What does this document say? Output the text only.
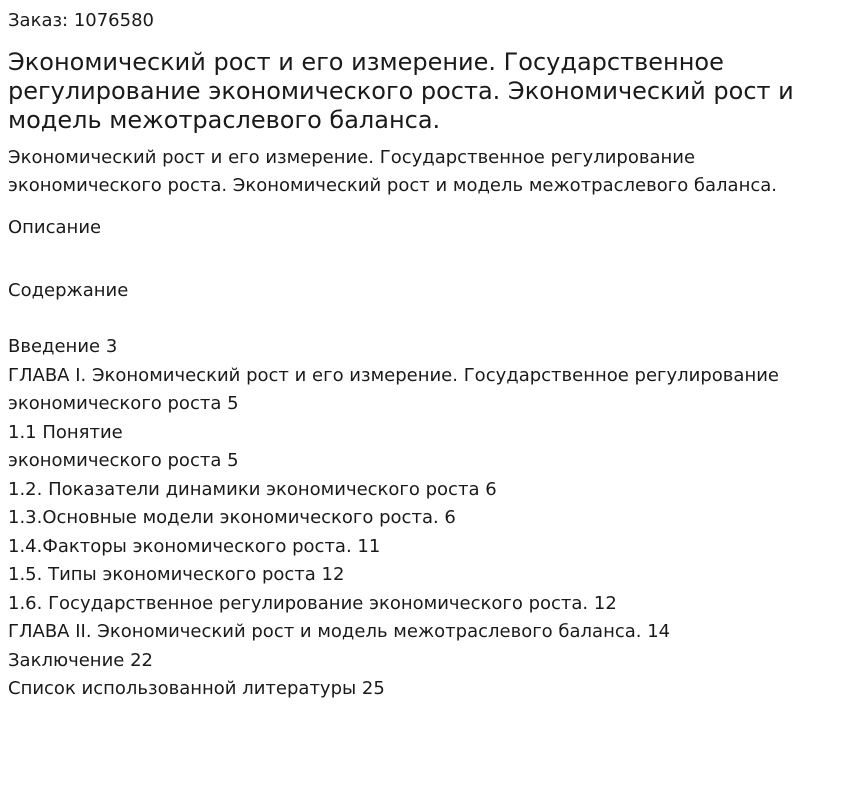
Заказ: 1076580

Экономический рост и его измерение. Государственное регулирование экономического роста. Экономический рост и модель межотраслевого баланса.

Экономический рост и его измерение. Государственное регулирование экономического роста. Экономический рост и модель межотраслевого баланса.

Описание

Содержание

Введение 3
ГЛАВА I. Экономический рост и его измерение. Государственное регулирование экономического роста 5
1.1 Понятие
экономического роста 5
1.2. Показатели динамики экономического роста 6
1.3.Основные модели экономического роста. 6
1.4.Факторы экономического роста. 11
1.5. Типы экономического роста 12
1.6. Государственное регулирование экономического роста. 12
ГЛАВА II. Экономический рост и модель межотраслевого баланса. 14
Заключение 22
Список использованной литературы 25
